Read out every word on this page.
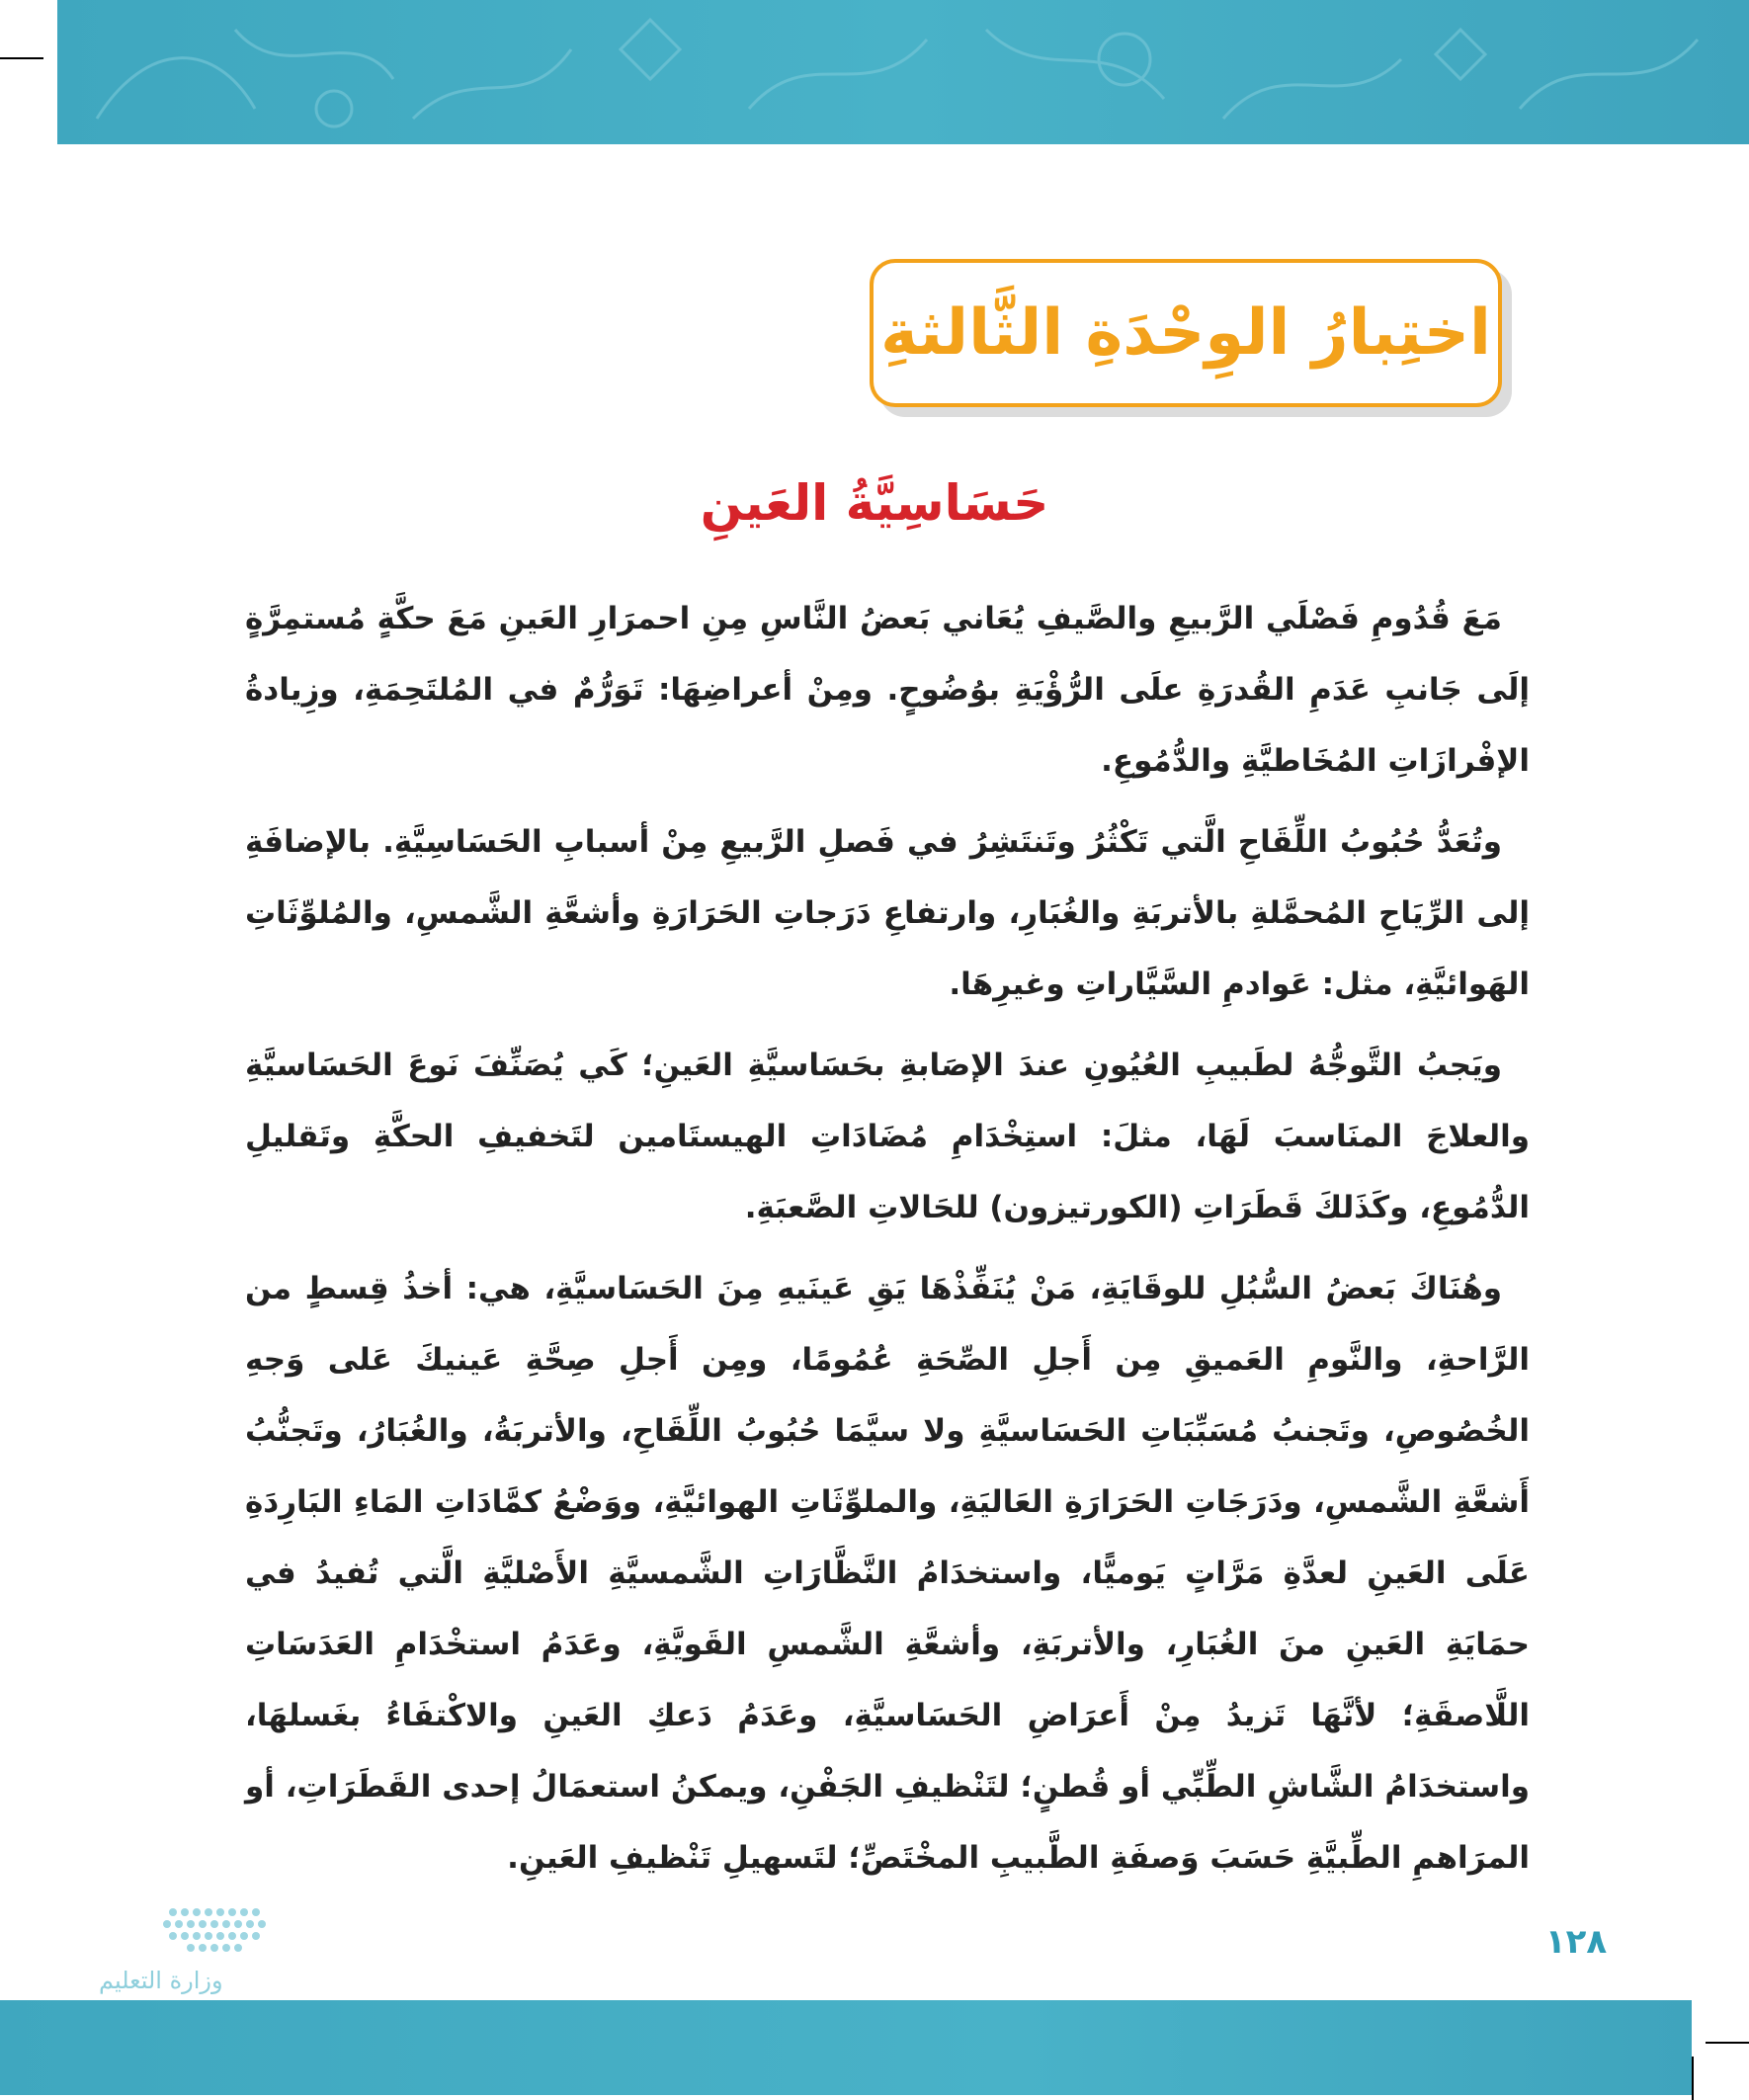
اختِبارُ الوِحْدَةِ الثَّالثةِ
حَسَاسِيَّةُ العَينِ

مَعَ قُدُومِ فَصْلَي الرَّبيعِ والصَّيفِ يُعَاني بَعضُ النَّاسِ مِنِ احمرَارِ العَينِ مَعَ حكَّةٍ مُستمِرَّةٍ إلَى جَانبِ عَدَمِ القُدرَةِ علَى الرُّؤْيَةِ بوُضُوحٍ. ومِنْ أعراضِهَا: تَوَرُّمٌ في المُلتَحِمَةِ، وزِيادةُ الإفْرازَاتِ المُخَاطيَّةِ والدُّمُوعِ.

وتُعَدُّ حُبُوبُ اللِّقَاحِ الَّتي تَكْثُرُ وتَنتَشِرُ في فَصلِ الرَّبيعِ مِنْ أسبابِ الحَسَاسِيَّةِ. بالإضافَةِ إلى الرِّيَاحِ المُحمَّلةِ بالأتربَةِ والغُبَارِ، وارتفاعِ دَرَجاتِ الحَرَارَةِ وأشعَّةِ الشَّمسِ، والمُلوِّثَاتِ الهَوائيَّةِ، مثل: عَوادمِ السَّيَّاراتِ وغيرِهَا.

ويَجبُ التَّوجُّهُ لطَبيبِ العُيُونِ عندَ الإصَابةِ بحَسَاسيَّةِ العَينِ؛ كَي يُصَنِّفَ نَوعَ الحَسَاسيَّةِ والعلاجَ المنَاسبَ لَهَا، مثلَ: استِخْدَامِ مُضَادَاتِ الهيستَامين لتَخفيفِ الحكَّةِ وتَقليلِ الدُّمُوعِ، وكَذَلكَ قَطَرَاتِ (الكورتيزون) للحَالاتِ الصَّعبَةِ.

وهُنَاكَ بَعضُ السُّبُلِ للوقَايَةِ، مَنْ يُنَفِّذْهَا يَقِ عَينَيهِ مِنَ الحَسَاسيَّةِ، هي: أخذُ قِسطٍ من الرَّاحةِ، والنَّومِ العَميقِ مِن أَجلِ الصِّحَةِ عُمُومًا، ومِن أَجلِ صِحَّةِ عَينيكَ عَلى وَجهِ الخُصُوصِ، وتَجنبُ مُسَبِّبَاتِ الحَسَاسيَّةِ ولا سيَّمَا حُبُوبُ اللِّقَاحِ، والأتربَةُ، والغُبَارُ، وتَجنُّبُ أَشعَّةِ الشَّمسِ، ودَرَجَاتِ الحَرَارَةِ العَاليَةِ، والملوِّثَاتِ الهوائيَّةِ، ووَضْعُ كمَّادَاتِ المَاءِ البَارِدَةِ عَلَى العَينِ لعدَّةِ مَرَّاتٍ يَوميًّا، واستخدَامُ النَّظَّارَاتِ الشَّمسيَّةِ الأَصْليَّةِ الَّتي تُفيدُ في حمَايَةِ العَينِ منَ الغُبَارِ، والأتربَةِ، وأشعَّةِ الشَّمسِ القَويَّةِ، وعَدَمُ استخْدَامِ العَدَسَاتِ اللَّاصقَةِ؛ لأنَّهَا تَزيدُ مِنْ أَعرَاضِ الحَسَاسيَّةِ، وعَدَمُ دَعكِ العَينِ والاكْتفَاءُ بغَسلهَا، واستخدَامُ الشَّاشِ الطِّبِّي أو قُطنٍ؛ لتَنْظيفِ الجَفْنِ، ويمكنُ استعمَالُ إحدى القَطَرَاتِ، أو المرَاهمِ الطِّبيَّةِ حَسَبَ وَصفَةِ الطَّبيبِ المخْتَصِّ؛ لتَسهيلِ تَنْظيفِ العَينِ.

وزارة التعليم
١٢٨
